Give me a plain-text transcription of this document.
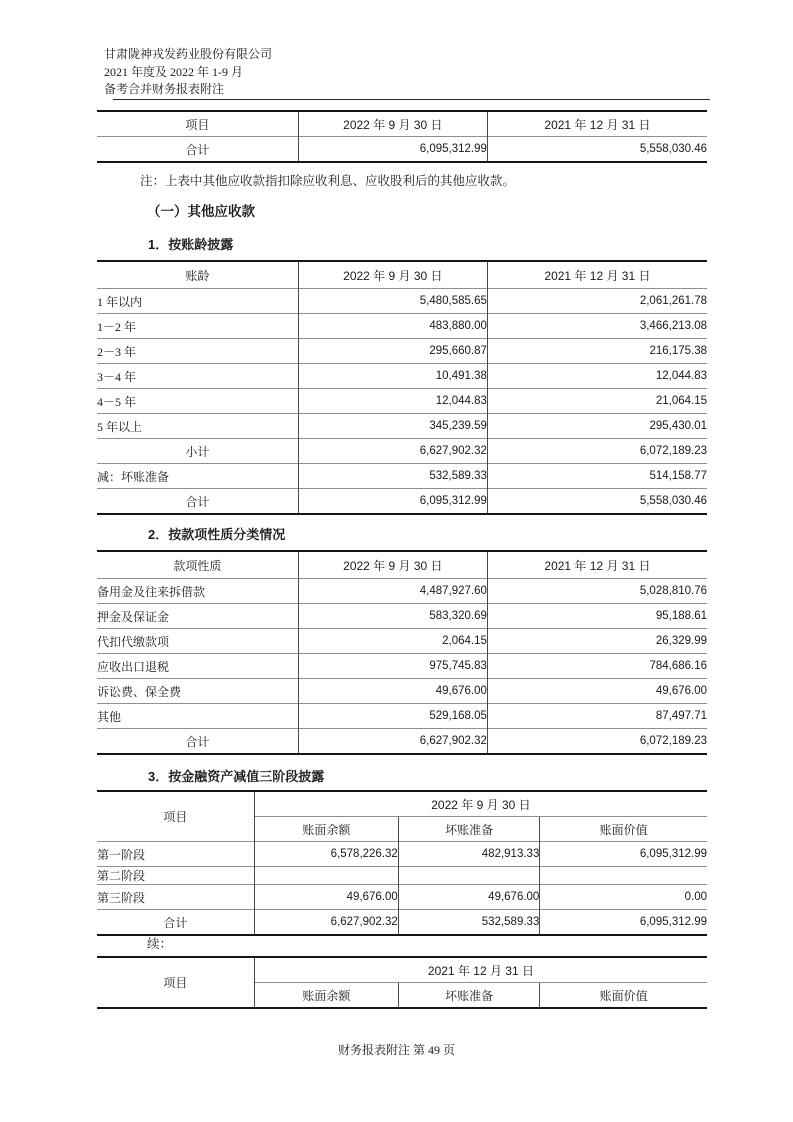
甘肃陇神戎发药业股份有限公司
2021 年度及 2022 年 1-9 月
备考合并财务报表附注
项目	2022 年 9 月 30 日	2021 年 12 月 31 日
合计	6,095,312.99	5,558,030.46
注：上表中其他应收款指扣除应收利息、应收股利后的其他应收款。
（一）其他应收款
1．按账龄披露
账龄	2022 年 9 月 30 日	2021 年 12 月 31 日
1 年以内	5,480,585.65	2,061,261.78
1－2 年	483,880.00	3,466,213.08
2－3 年	295,660.87	216,175.38
3－4 年	10,491.38	12,044.83
4－5 年	12,044.83	21,064.15
5 年以上	345,239.59	295,430.01
小计	6,627,902.32	6,072,189.23
减：坏账准备	532,589.33	514,158.77
合计	6,095,312.99	5,558,030.46
2．按款项性质分类情况
款项性质	2022 年 9 月 30 日	2021 年 12 月 31 日
备用金及往来拆借款	4,487,927.60	5,028,810.76
押金及保证金	583,320.69	95,188.61
代扣代缴款项	2,064.15	26,329.99
应收出口退税	975,745.83	784,686.16
诉讼费、保全费	49,676.00	49,676.00
其他	529,168.05	87,497.71
合计	6,627,902.32	6,072,189.23
3．按金融资产减值三阶段披露
项目	2022 年 9 月 30 日		
	账面余额	坏账准备	账面价值
第一阶段	6,578,226.32	482,913.33	6,095,312.99
第二阶段			
第三阶段	49,676.00	49,676.00	0.00
合计	6,627,902.32	532,589.33	6,095,312.99
续：
项目	2021 年 12 月 31 日		
	账面余额	坏账准备	账面价值
财务报表附注 第 49 页
